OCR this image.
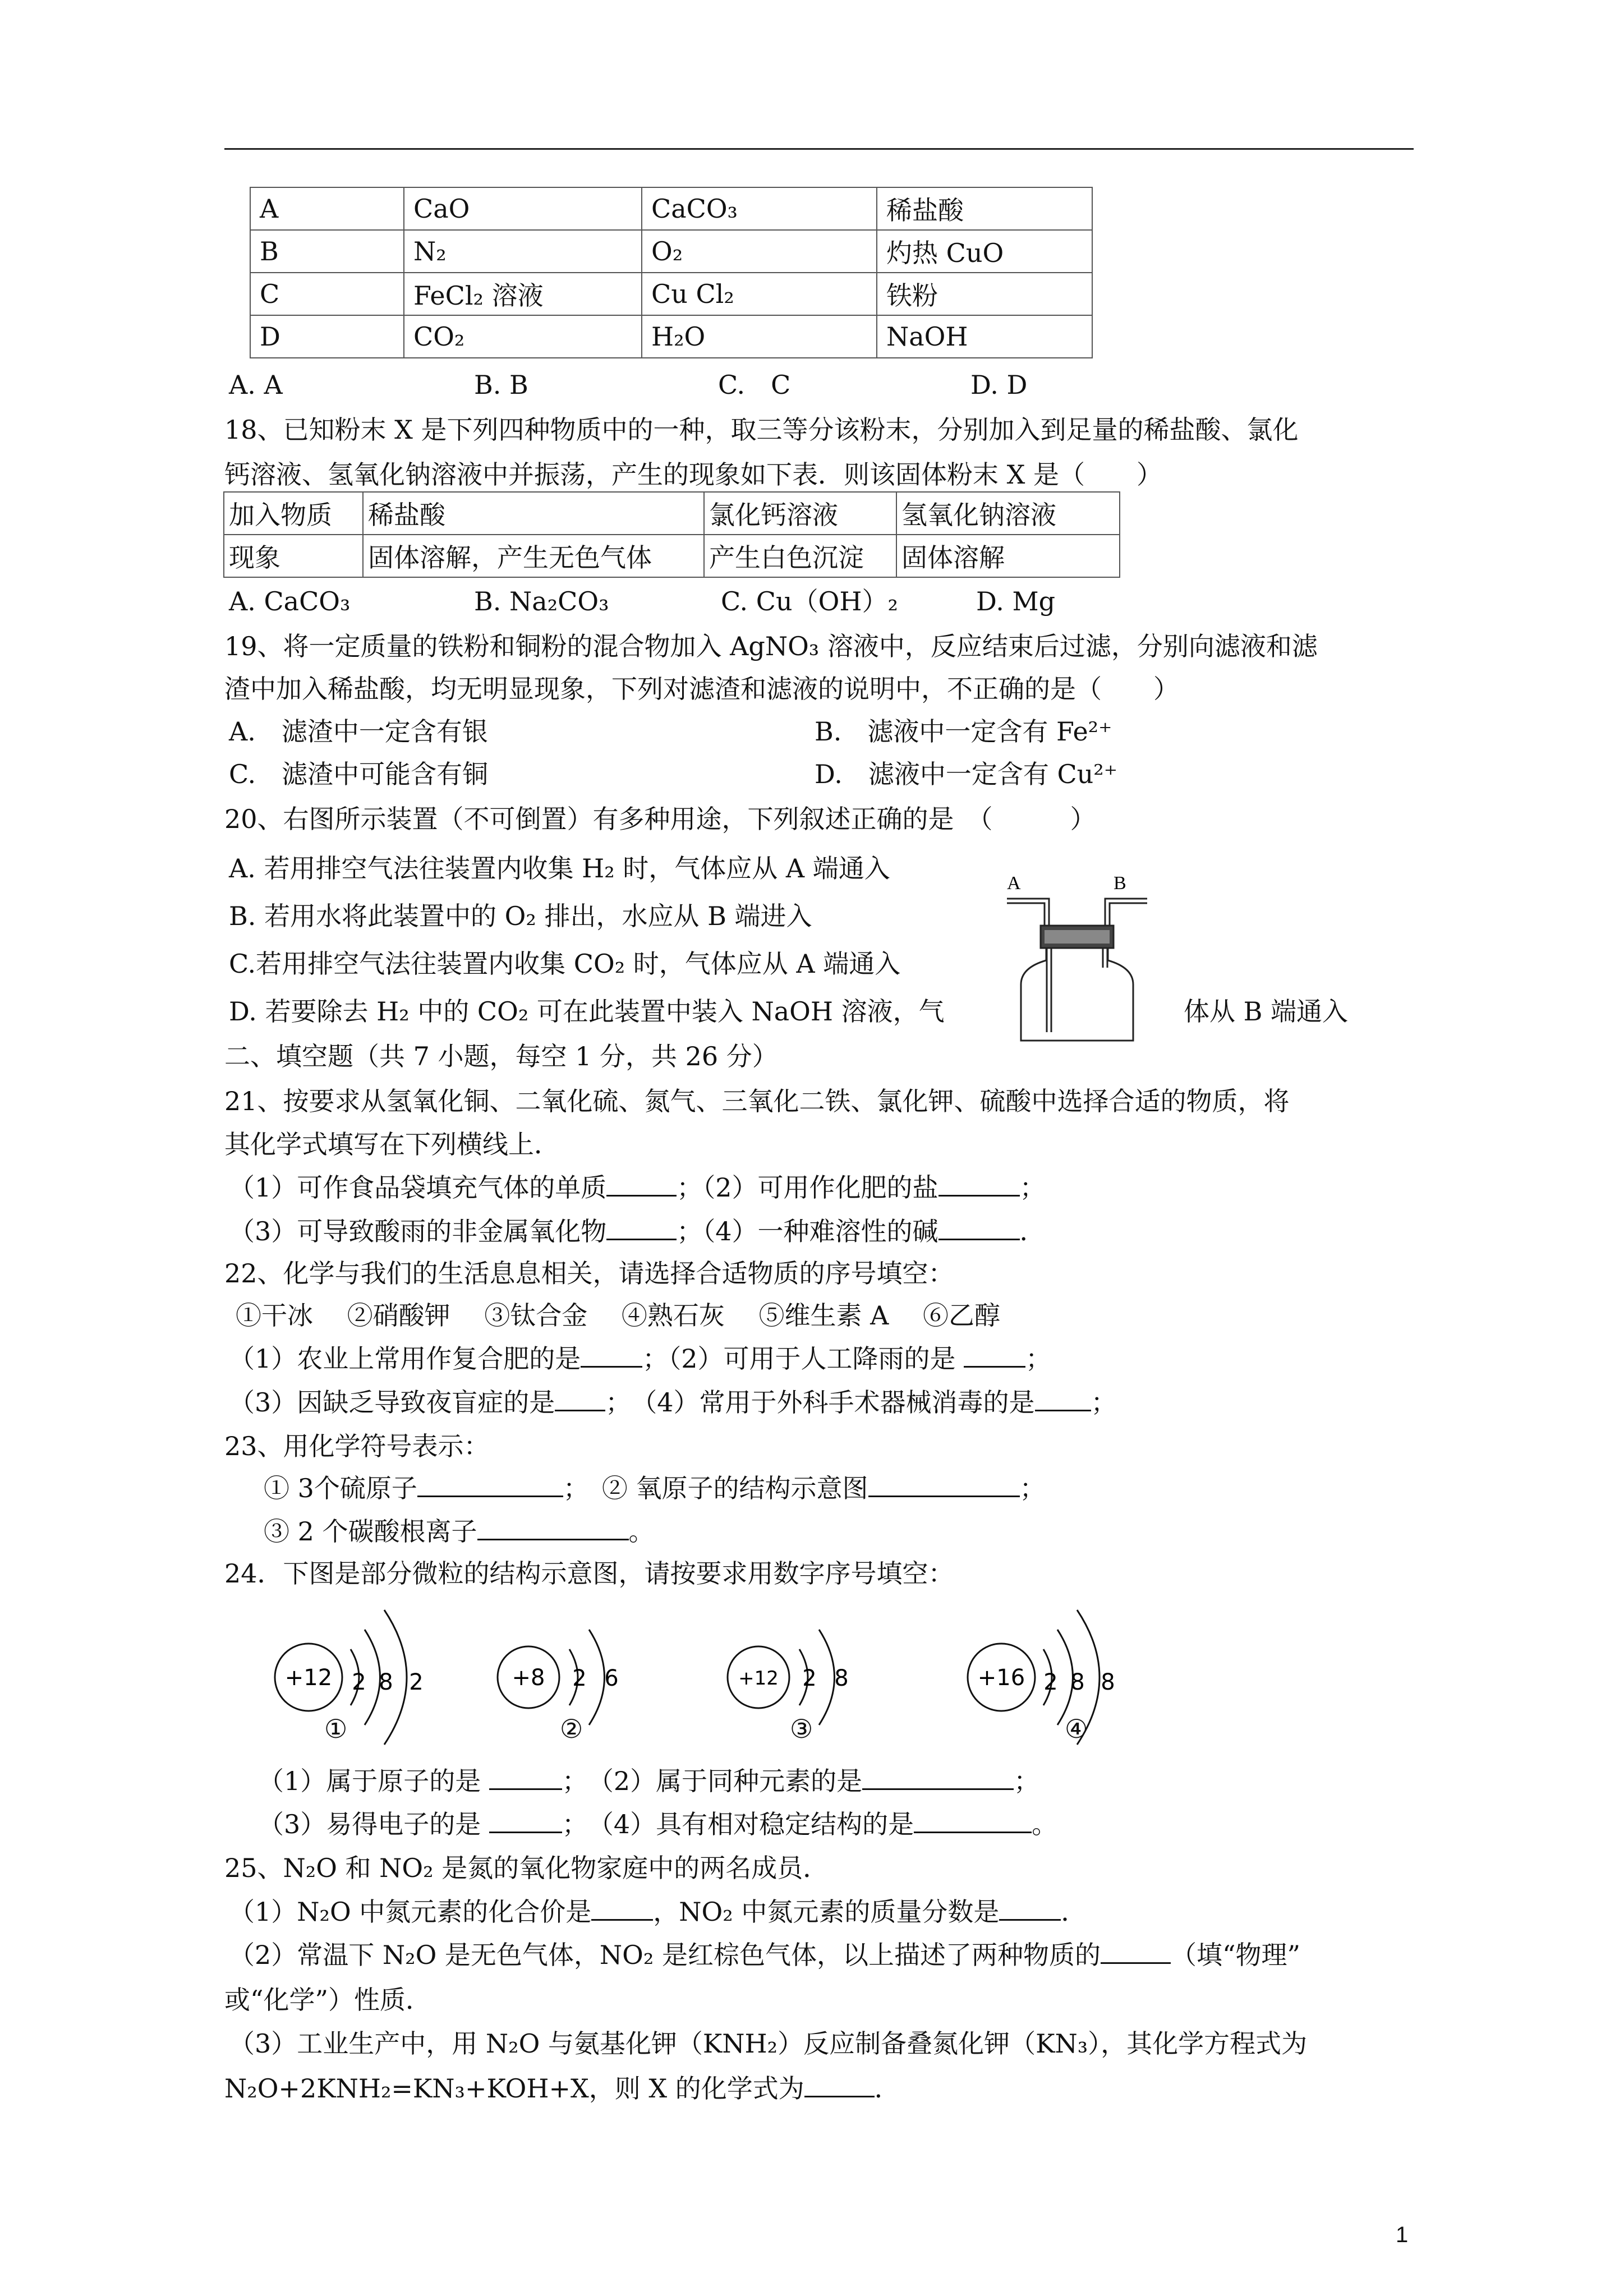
A	CaO	CaCO₃	稀盐酸
B	N₂	O₂	灼热 CuO
C	FeCl₂ 溶液	Cu Cl₂	铁粉
D	CO₂	H₂O	NaOH
A. A	B. B	C.　C	D. D
18、已知粉末 X 是下列四种物质中的一种，取三等分该粉末，分别加入到足量的稀盐酸、氯化
钙溶液、氢氧化钠溶液中并振荡，产生的现象如下表．则该固体粉末 X 是（　　）
加入物质	稀盐酸	氯化钙溶液	氢氧化钠溶液
现象	固体溶解，产生无色气体	产生白色沉淀	固体溶解
A. CaCO₃	B. Na₂CO₃	C. Cu（OH）₂	D. Mg
19、将一定质量的铁粉和铜粉的混合物加入 AgNO₃ 溶液中，反应结束后过滤，分别向滤液和滤
渣中加入稀盐酸，均无明显现象，下列对滤渣和滤液的说明中，不正确的是（　　）
A.　滤渣中一定含有银	B.　滤液中一定含有 Fe²⁺
C.　滤渣中可能含有铜	D.　滤液中一定含有 Cu²⁺
20、右图所示装置（不可倒置）有多种用途，下列叙述正确的是　（　　　）
A. 若用排空气法往装置内收集 H₂ 时，气体应从 A 端通入
B. 若用水将此装置中的 O₂ 排出，水应从 B 端进入
C.若用排空气法往装置内收集 CO₂ 时，气体应从 A 端通入
D. 若要除去 H₂ 中的 CO₂ 可在此装置中装入 NaOH 溶液，气	体从 B 端通入
A	B
二、填空题（共 7 小题，每空 1 分，共 26 分）
21、按要求从氢氧化铜、二氧化硫、氮气、三氧化二铁、氯化钾、硫酸中选择合适的物质，将
其化学式填写在下列横线上．
（1）可作食品袋填充气体的单质	；（2）可用作化肥的盐	；
（3）可导致酸雨的非金属氧化物	；（4）一种难溶性的碱	．
22、化学与我们的生活息息相关，请选择合适物质的序号填空：
①干冰　 ②硝酸钾　 ③钛合金　 ④熟石灰　 ⑤维生素 A　 ⑥乙醇
（1）农业上常用作复合肥的是 ；（2）可用于人工降雨的是 ；
（3）因缺乏导致夜盲症的是 ；　（4）常用于外科手术器械消毒的是 ；
23、用化学符号表示：
① 3个硫原子	；　② 氧原子的结构示意图	；
③ 2 个碳酸根离子	。
24．下图是部分微粒的结构示意图，请按要求用数字序号填空：
+12 2 8 2
①
+8 2 6
②
+12 2 8
③
+16 2 8 8
④
（1）属于原子的是	；　（2）属于同种元素的是	；
（3）易得电子的是	；　（4）具有相对稳定结构的是	。
25、N₂O 和 NO₂ 是氮的氧化物家庭中的两名成员．
（1）N₂O 中氮元素的化合价是 ，NO₂ 中氮元素的质量分数是 ．
（2）常温下 N₂O 是无色气体，NO₂ 是红棕色气体，以上描述了两种物质的	（填“物理”
或“化学”）性质．
（3）工业生产中，用 N₂O 与氨基化钾（KNH₂）反应制备叠氮化钾（KN₃），其化学方程式为
N₂O+2KNH₂=KN₃+KOH+X，则 X 的化学式为	．
1
